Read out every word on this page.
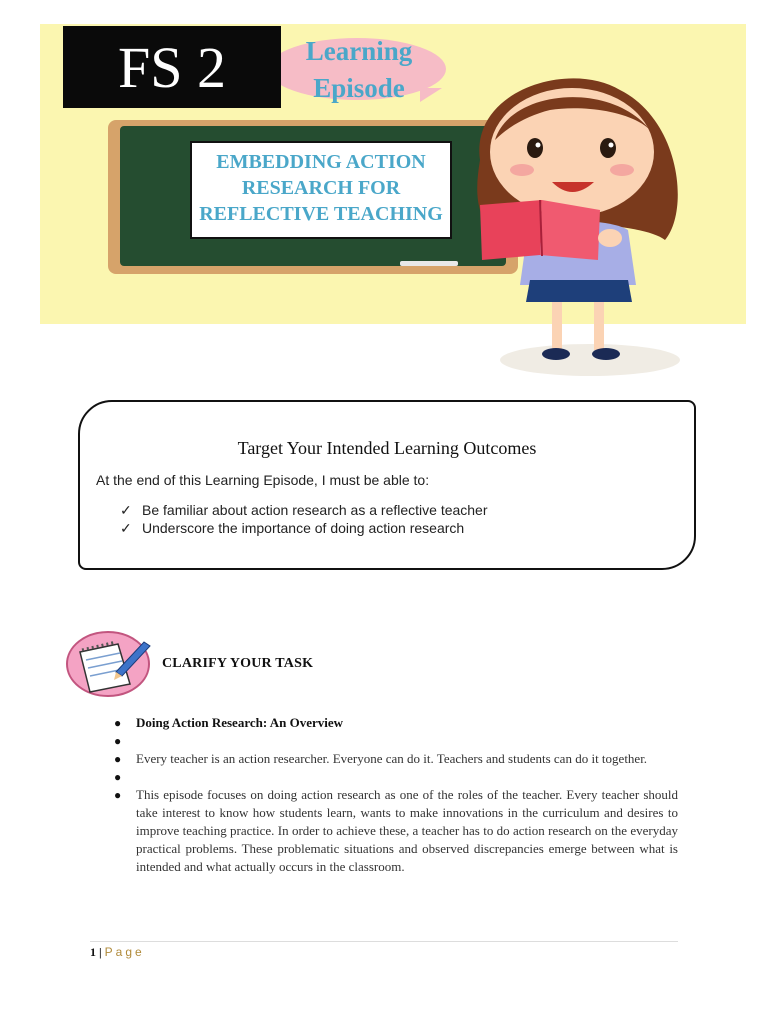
EMBEDDING ACTION RESEARCH FOR REFLECTIVE TEACHING
Learning Episode
FS 2
Target Your Intended Learning Outcomes
At the end of this Learning Episode, I must be able to:
✓ Be familiar about action research as a reflective teacher
✓ Underscore the importance of doing action research
CLARIFY YOUR TASK
● Doing Action Research: An Overview
●
● Every teacher is an action researcher. Everyone can do it. Teachers and students can do it together.
●
● This episode focuses on doing action research as one of the roles of the teacher. Every teacher should take interest to know how students learn, wants to make innovations in the curriculum and desires to improve teaching practice. In order to achieve these, a teacher has to do action research on the everyday practical problems. These problematic situations and observed discrepancies emerge between what is intended and what actually occurs in the classroom.
1 | Page
